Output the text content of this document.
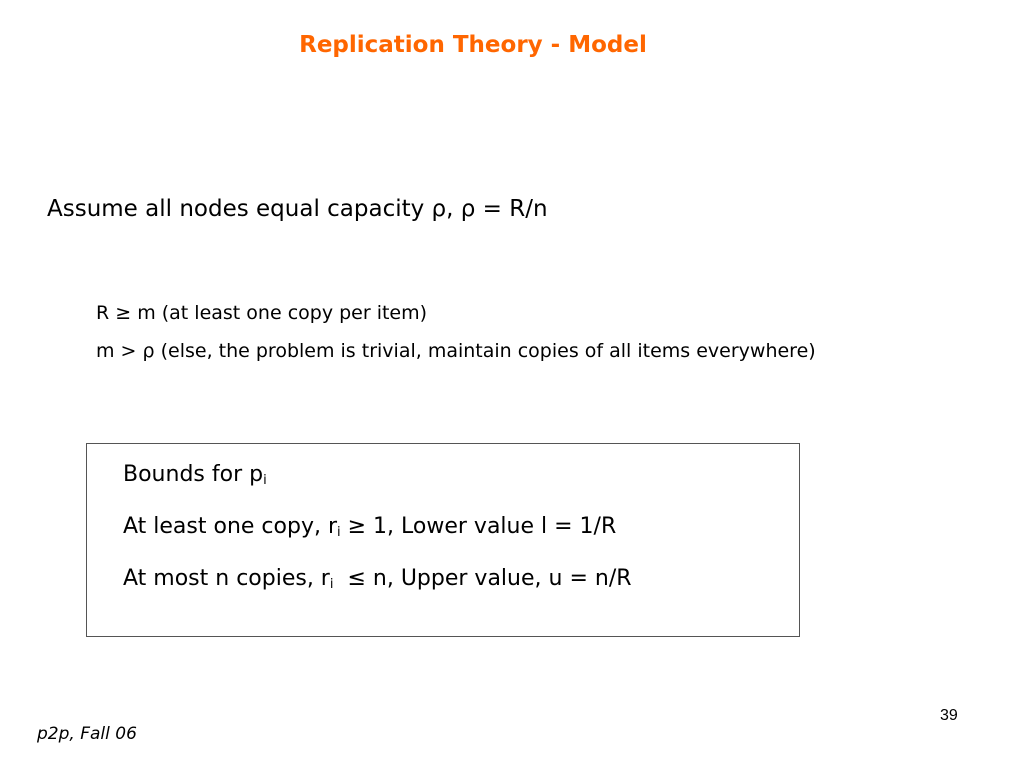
Replication Theory - Model
Assume all nodes equal capacity ρ, ρ = R/n
R ≥ m (at least one copy per item)
m > ρ (else, the problem is trivial, maintain copies of all items everywhere)
Bounds for $p_i$
At least one copy, $r_i \ge 1$, Lower value l = 1/R
At most n copies, $r_i \le n$, Upper value, u = n/R
p2p, Fall 06
39
